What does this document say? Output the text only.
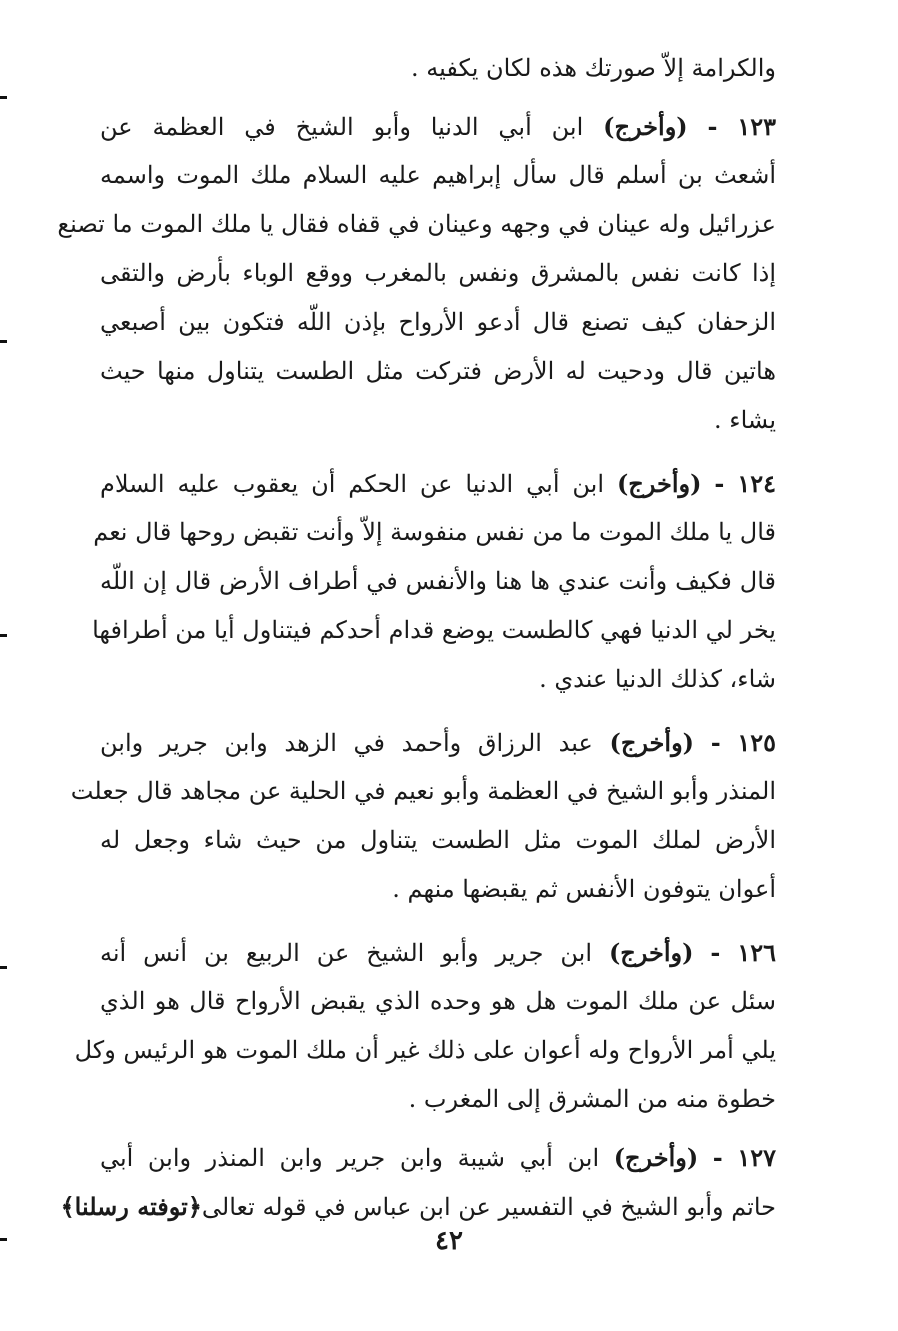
والكرامة إلاّ صورتك هذه لكان يكفيه .
١٢٣ - (وأخرج) ابن أبي الدنيا وأبو الشيخ في العظمة عن
أشعث بن أسلم قال سأل إبراهيم عليه السلام ملك الموت واسمه
عزرائيل وله عينان في وجهه وعينان في قفاه فقال يا ملك الموت ما تصنع
إذا كانت نفس بالمشرق ونفس بالمغرب ووقع الوباء بأرض والتقى
الزحفان كيف تصنع قال أدعو الأرواح بإذن اللّه فتكون بين أصبعي
هاتين قال ودحيت له الأرض فتركت مثل الطست يتناول منها حيث
يشاء .
١٢٤ - (وأخرج) ابن أبي الدنيا عن الحكم أن يعقوب عليه السلام
قال يا ملك الموت ما من نفس منفوسة إلاّ وأنت تقبض روحها قال نعم
قال فكيف وأنت عندي ها هنا والأنفس في أطراف الأرض قال إن اللّه
يخر لي الدنيا فهي كالطست يوضع قدام أحدكم فيتناول أيا من أطرافها
شاء، كذلك الدنيا عندي .
١٢٥ - (وأخرج) عبد الرزاق وأحمد في الزهد وابن جرير وابن
المنذر وأبو الشيخ في العظمة وأبو نعيم في الحلية عن مجاهد قال جعلت
الأرض لملك الموت مثل الطست يتناول من حيث شاء وجعل له
أعوان يتوفون الأنفس ثم يقبضها منهم .
١٢٦ - (وأخرج) ابن جرير وأبو الشيخ عن الربيع بن أنس أنه
سئل عن ملك الموت هل هو وحده الذي يقبض الأرواح قال هو الذي
يلي أمر الأرواح وله أعوان على ذلك غير أن ملك الموت هو الرئيس وكل
خطوة منه من المشرق إلى المغرب .
١٢٧ - (وأخرج) ابن أبي شيبة وابن جرير وابن المنذر وابن أبي
حاتم وأبو الشيخ في التفسير عن ابن عباس في قوله تعالى﴿توفته رسلنا﴾
٤٢
